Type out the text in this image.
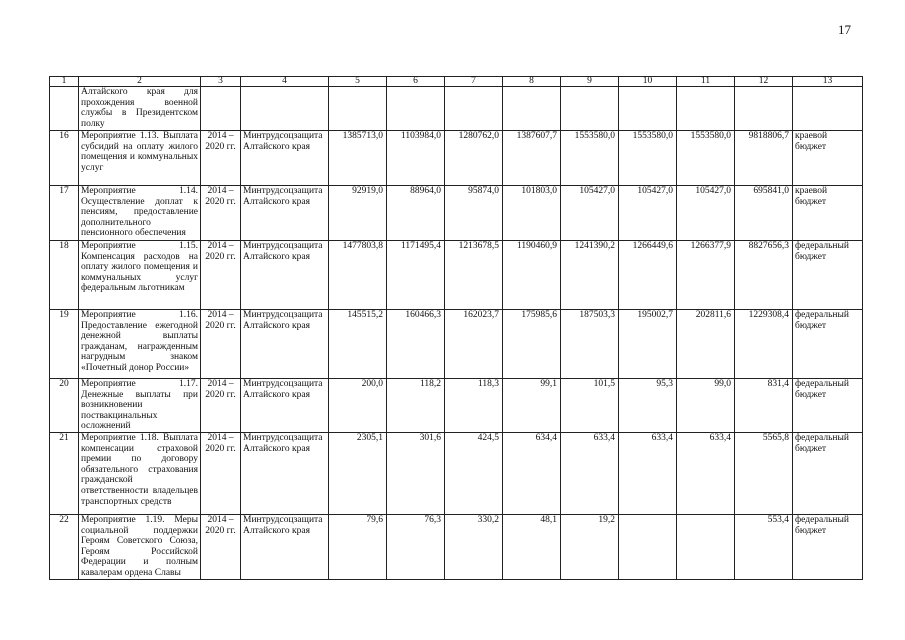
17
1	2	3	4	5	6	7	8	9	10	11	12	13
	Алтайского края для прохождения военной службы в Президентском полку											
16	Мероприятие 1.13. Выплата субсидий на оплату жилого помещения и коммунальных услуг	2014 – 2020 гг.	Минтрудсоцзащита Алтайского края	1385713,0	1103984,0	1280762,0	1387607,7	1553580,0	1553580,0	1553580,0	9818806,7	краевой бюджет
17	Мероприятие 1.14. Осуществление доплат к пенсиям, предоставление дополнительного пенсионного обеспечения	2014 – 2020 гг.	Минтрудсоцзащита Алтайского края	92919,0	88964,0	95874,0	101803,0	105427,0	105427,0	105427,0	695841,0	краевой бюджет
18	Мероприятие 1.15. Компенсация расходов на оплату жилого помещения и коммунальных услуг федеральным льготникам	2014 – 2020 гг.	Минтрудсоцзащита Алтайского края	1477803,8	1171495,4	1213678,5	1190460,9	1241390,2	1266449,6	1266377,9	8827656,3	федеральный бюджет
19	Мероприятие 1.16. Предоставление ежегодной денежной выплаты гражданам, награжденным нагрудным знаком «Почетный донор России»	2014 – 2020 гг.	Минтрудсоцзащита Алтайского края	145515,2	160466,3	162023,7	175985,6	187503,3	195002,7	202811,6	1229308,4	федеральный бюджет
20	Мероприятие 1.17. Денежные выплаты при возникновении поствакцинальных осложнений	2014 – 2020 гг.	Минтрудсоцзащита Алтайского края	200,0	118,2	118,3	99,1	101,5	95,3	99,0	831,4	федеральный бюджет
21	Мероприятие 1.18. Выплата компенсации страховой премии по договору обязательного страхования гражданской ответственности владельцев транспортных средств	2014 – 2020 гг.	Минтрудсоцзащита Алтайского края	2305,1	301,6	424,5	634,4	633,4	633,4	633,4	5565,8	федеральный бюджет
22	Мероприятие 1.19. Меры социальной поддержки Героям Советского Союза, Героям Российской Федерации и полным кавалерам ордена Славы	2014 – 2020 гг.	Минтрудсоцзащита Алтайского края	79,6	76,3	330,2	48,1	19,2			553,4	федеральный бюджет
